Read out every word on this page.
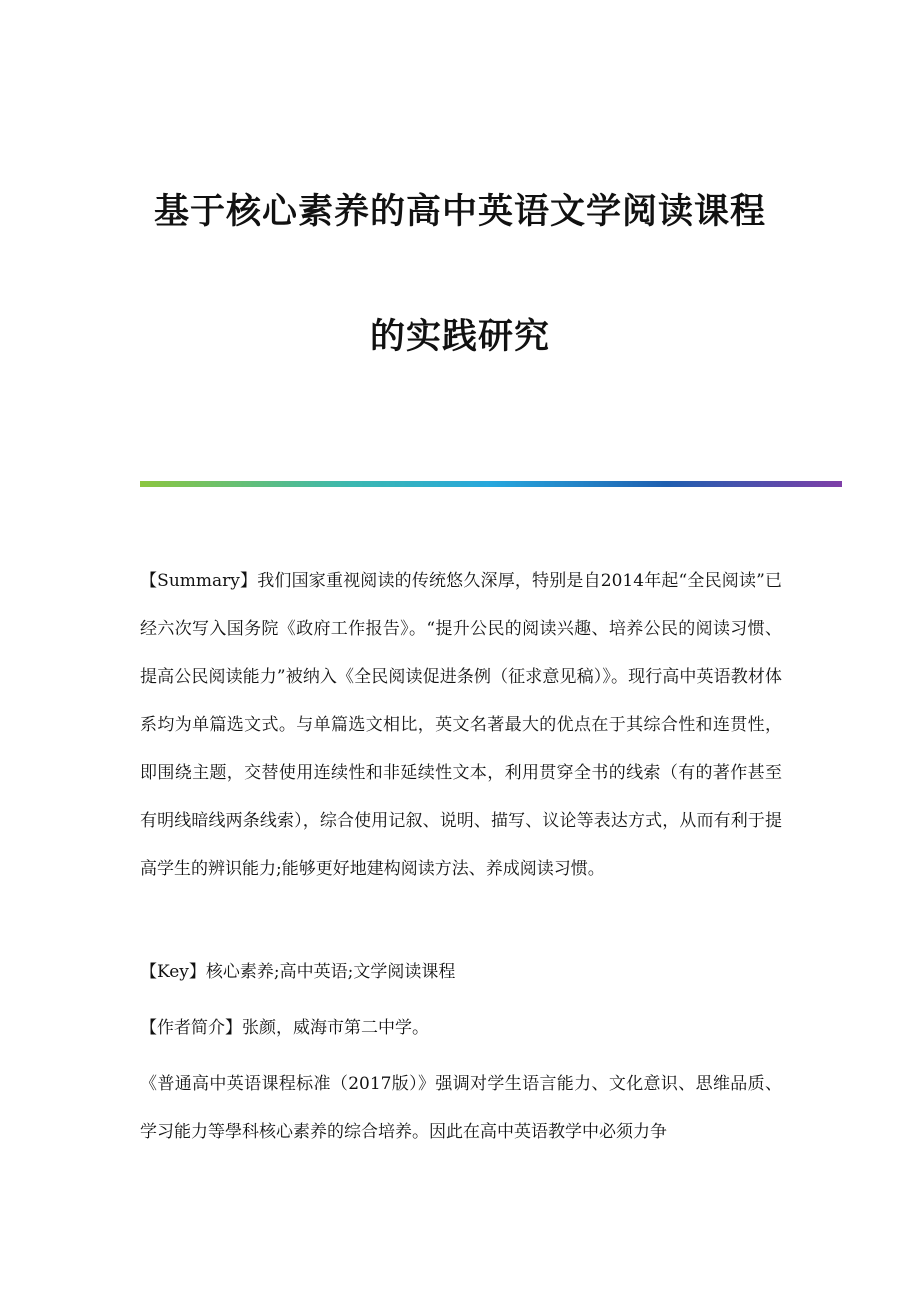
基于核心素养的高中英语文学阅读课程
的实践研究
【Summary】我们国家重视阅读的传统悠久深厚，特别是自2014年起“全民阅读”已经六次写入国务院《政府工作报告》。“提升公民的阅读兴趣、培养公民的阅读习惯、提高公民阅读能力”被纳入《全民阅读促进条例（征求意见稿）》。现行高中英语教材体系均为单篇选文式。与单篇选文相比，英文名著最大的优点在于其综合性和连贯性，即围绕主题，交替使用连续性和非延续性文本，利用贯穿全书的线索（有的著作甚至有明线暗线两条线索），综合使用记叙、说明、描写、议论等表达方式，从而有利于提高学生的辨识能力;能够更好地建构阅读方法、养成阅读习惯。
【Key】核心素养;高中英语;文学阅读课程
【作者简介】张颜，威海市第二中学。
《普通高中英语课程标准（2017版）》强调对学生语言能力、文化意识、思维品质、学习能力等學科核心素养的综合培养。因此在高中英语教学中必须力争
